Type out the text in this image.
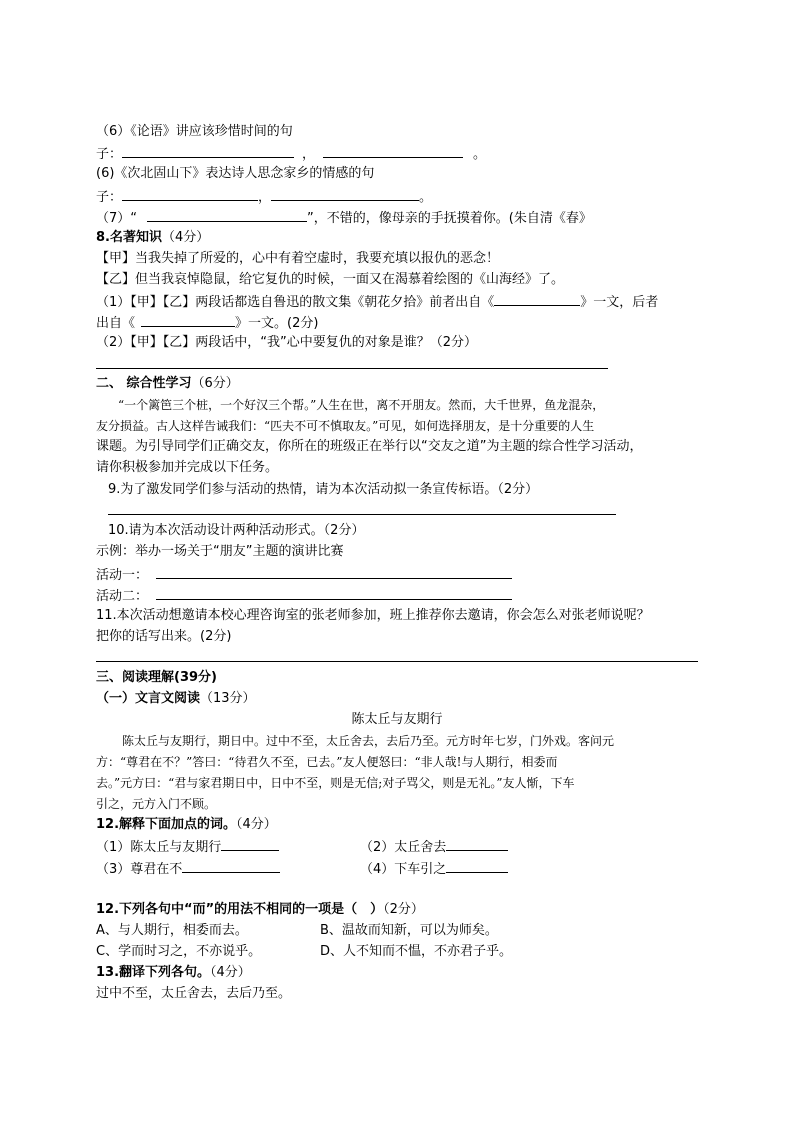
（6）《论语》讲应该珍惜时间的句
子：	，	。
(6)《次北固山下》表达诗人思念家乡的情感的句
子：	，	。
（7）“	”，不错的，像母亲的手抚摸着你。(朱自清《春》
8.名著知识（4分）
【甲】当我失掉了所爱的，心中有着空虚时，我要充填以报仇的恶念！
【乙】但当我哀悼隐鼠，给它复仇的时候，一面又在渴慕着绘图的《山海经》了。
（1）【甲】【乙】两段话都选自鲁迅的散文集《朝花夕拾》前者出自《	》一文，后者
出自《	》一文。(2分)
（2）【甲】【乙】两段话中，“我”心中要复仇的对象是谁？（2分）
二、 综合性学习（6分）
“一个篱笆三个桩，一个好汉三个帮。”人生在世，离不开朋友。然而，大千世界，鱼龙混杂，
友分损益。古人这样告诫我们：“匹夫不可不慎取友。”可见，如何选择朋友，是十分重要的人生
课题。为引导同学们正确交友，你所在的班级正在举行以“交友之道”为主题的综合性学习活动，
请你积极参加并完成以下任务。
9.为了激发同学们参与活动的热情，请为本次活动拟一条宣传标语。（2分）
10.请为本次活动设计两种活动形式。（2分）
示例：举办一场关于“朋友”主题的演讲比赛
活动一：
活动二：
11.本次活动想邀请本校心理咨询室的张老师参加，班上推荐你去邀请，你会怎么对张老师说呢？
把你的话写出来。(2分)
三、阅读理解(39分)
（一）文言文阅读（13分）
陈太丘与友期行
陈太丘与友期行，期日中。过中不至，太丘舍去，去后乃至。元方时年七岁，门外戏。客问元
方：“尊君在不？”答曰：“待君久不至，已去。”友人便怒曰：“非人哉!与人期行，相委而
去。”元方曰：“君与家君期日中，日中不至，则是无信;对子骂父，则是无礼。”友人惭，下车
引之，元方入门不顾。
12.解释下面加点的词。（4分）
（1）陈太丘与友期行	（2）太丘舍去
（3）尊君在不	（4）下车引之
12.下列各句中“而”的用法不相同的一项是（　）（2分）
A、与人期行，相委而去。	B、温故而知新，可以为师矣。
C、学而时习之，不亦说乎。	D、人不知而不愠，不亦君子乎。
13.翻译下列各句。（4分）
过中不至，太丘舍去，去后乃至。
